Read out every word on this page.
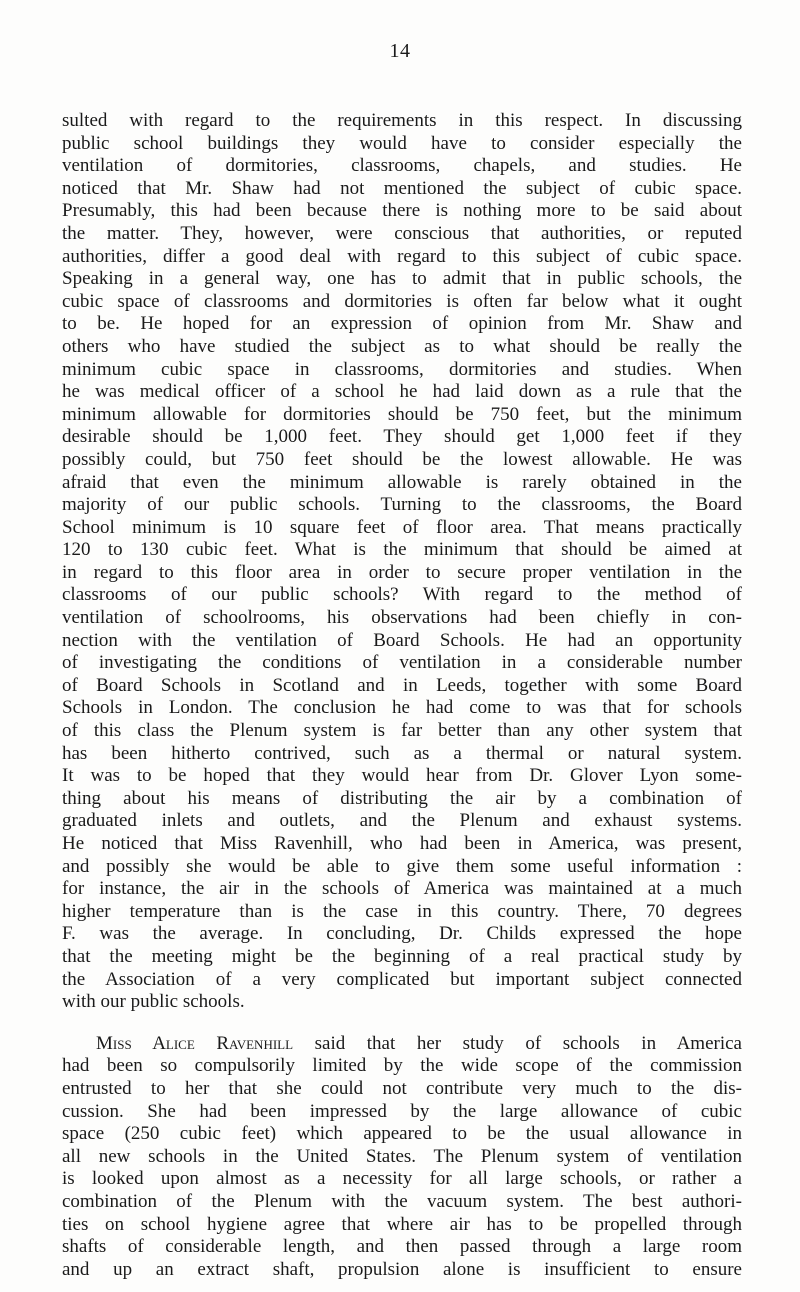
14
sulted with regard to the requirements in this respect. In discussing
public school buildings they would have to consider especially the
ventilation of dormitories, classrooms, chapels, and studies. He
noticed that Mr. Shaw had not mentioned the subject of cubic space.
Presumably, this had been because there is nothing more to be said about
the matter. They, however, were conscious that authorities, or reputed
authorities, differ a good deal with regard to this subject of cubic space.
Speaking in a general way, one has to admit that in public schools, the
cubic space of classrooms and dormitories is often far below what it ought
to be. He hoped for an expression of opinion from Mr. Shaw and
others who have studied the subject as to what should be really the
minimum cubic space in classrooms, dormitories and studies. When
he was medical officer of a school he had laid down as a rule that the
minimum allowable for dormitories should be 750 feet, but the minimum
desirable should be 1,000 feet. They should get 1,000 feet if they
possibly could, but 750 feet should be the lowest allowable. He was
afraid that even the minimum allowable is rarely obtained in the
majority of our public schools. Turning to the classrooms, the Board
School minimum is 10 square feet of floor area. That means practically
120 to 130 cubic feet. What is the minimum that should be aimed at
in regard to this floor area in order to secure proper ventilation in the
classrooms of our public schools? With regard to the method of
ventilation of schoolrooms, his observations had been chiefly in con-
nection with the ventilation of Board Schools. He had an opportunity
of investigating the conditions of ventilation in a considerable number
of Board Schools in Scotland and in Leeds, together with some Board
Schools in London. The conclusion he had come to was that for schools
of this class the Plenum system is far better than any other system that
has been hitherto contrived, such as a thermal or natural system.
It was to be hoped that they would hear from Dr. Glover Lyon some-
thing about his means of distributing the air by a combination of
graduated inlets and outlets, and the Plenum and exhaust systems.
He noticed that Miss Ravenhill, who had been in America, was present,
and possibly she would be able to give them some useful information :
for instance, the air in the schools of America was maintained at a much
higher temperature than is the case in this country. There, 70 degrees
F. was the average. In concluding, Dr. Childs expressed the hope
that the meeting might be the beginning of a real practical study by
the Association of a very complicated but important subject connected
with our public schools.
Miss Alice Ravenhill said that her study of schools in America
had been so compulsorily limited by the wide scope of the commission
entrusted to her that she could not contribute very much to the dis-
cussion. She had been impressed by the large allowance of cubic
space (250 cubic feet) which appeared to be the usual allowance in
all new schools in the United States. The Plenum system of ventilation
is looked upon almost as a necessity for all large schools, or rather a
combination of the Plenum with the vacuum system. The best authori-
ties on school hygiene agree that where air has to be propelled through
shafts of considerable length, and then passed through a large room
and up an extract shaft, propulsion alone is insufficient to ensure
